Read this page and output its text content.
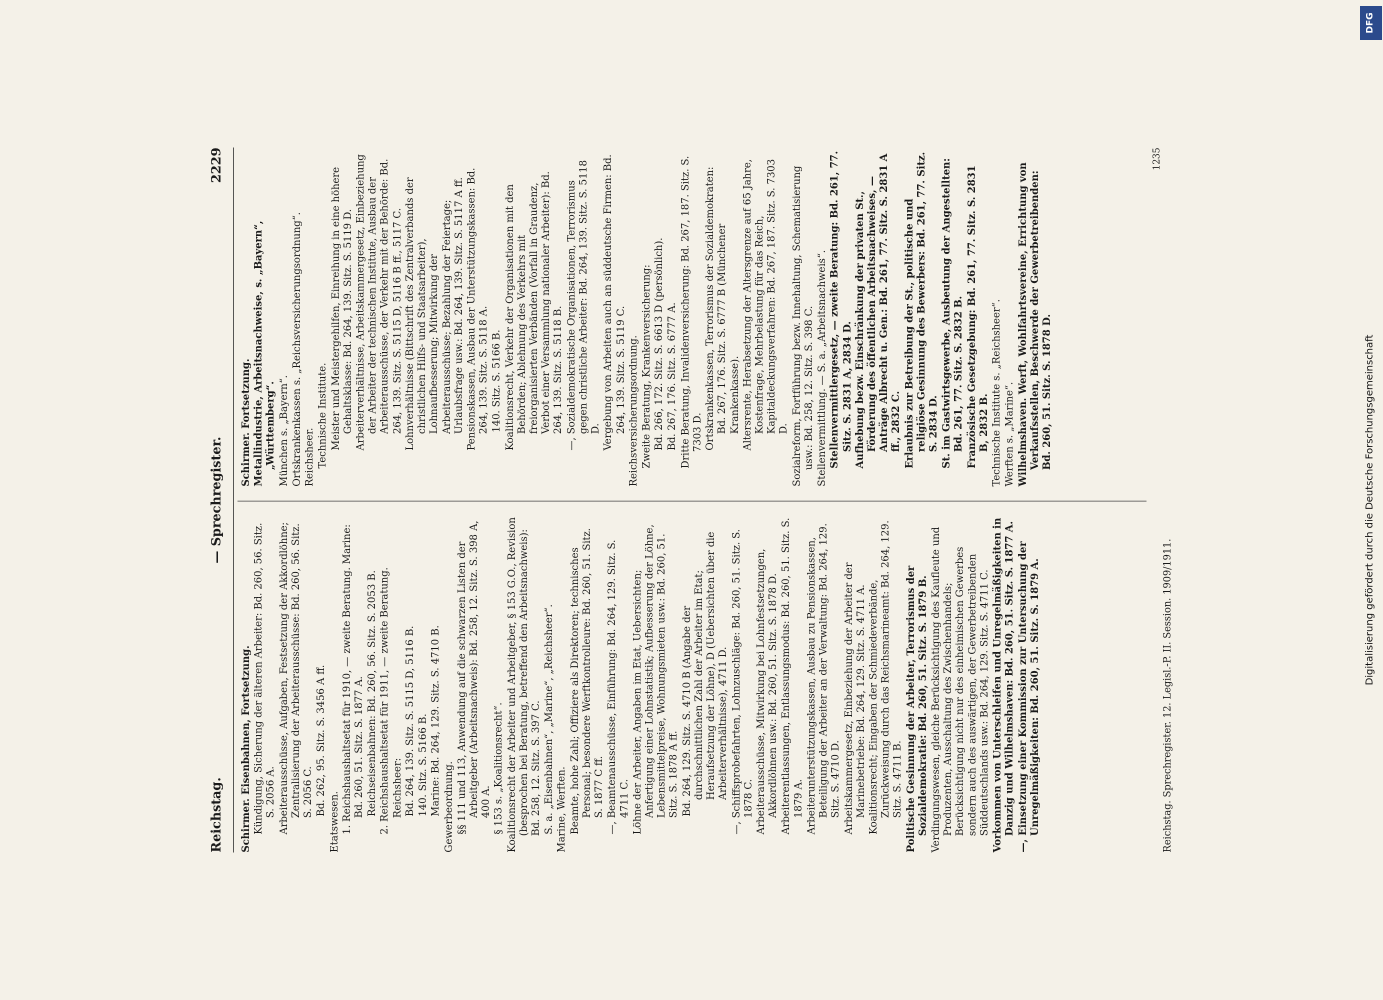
Reichstag.
— Sprechregister.
2229

Schirmer. Eisenbahnen, Fortsetzung. Kündigung, Sicherung der älteren Arbeiter: Bd. 260, 56. Sitz. S. 2056 A. Arbeiterausschüsse, Aufgaben, Festsetzung der Akkordlöhne; Zentralisierung der Arbeiterausschüsse: Bd. 260, 56. Sitz. S. 2056 C. Bd. 262, 95. Sitz. S. 3456 A ff.

Etatswesen. 1. Reichshaushaltsetat für 1910, — zweite Beratung. Marine: Bd. 260, 51. Sitz. S. 1877 A. Reichseisenbahnen: Bd. 260, 56. Sitz. S. 2053 B. 2. Reichshaushaltsetat für 1911, — zweite Beratung. Reichsheer: Bd. 264, 139. Sitz. S. 5115 D, 5116 B. 140. Sitz. S. 5166 B. Marine: Bd. 264, 129. Sitz. S. 4710 B. Gewerbeordnung. §§ 111 und 113, Anwendung auf die schwarzen Listen der Arbeitgeber (Arbeitsnachweis): Bd. 258, 12. Sitz. S. 398 A, 400 A. § 153 s. „Koalitionsrecht“. Koalitionsrecht der Arbeiter und Arbeitgeber, § 153 G.O., Revision (besprochen bei Beratung, betreffend den Arbeitsnachweis): Bd. 258, 12. Sitz. S. 397 C. S. a. „Eisenbahnen“, „Marine“, „Reichsheer“. Marine, Werften. Beamte, hohe Zahl; Offiziere als Direktoren; technisches Personal; besondere Werftkontrolleure: Bd. 260, 51. Sitz. S. 1877 C ff. —, Beamtenausschüsse, Einführung: Bd. 264, 129. Sitz. S. 4711 C. Löhne der Arbeiter, Angaben im Etat, Uebersichten; Anfertigung einer Lohnstatistik; Aufbesserung der Löhne, Lebensmittelpreise, Wohnungsmieten usw.: Bd. 260, 51. Sitz. S. 1878 A ff. Bd. 264, 129. Sitz. S. 4710 B (Angabe der durchschnittlichen Zahl der Arbeiter im Etat; Heraufsetzung der Löhne), D (Uebersichten über die Arbeiterverhältnisse), 4711 D. —, Schiffsprobefahrten, Lohnzuschläge: Bd. 260, 51. Sitz. S. 1878 C. Arbeiterausschüsse, Mitwirkung bei Lohnfestsetzungen, Akkordlöhnen usw.: Bd. 260, 51. Sitz. S. 1878 D. Arbeiterentlassungen, Entlassungsmodus: Bd. 260, 51. Sitz. S. 1879 A. Arbeiterunterstützungskassen, Ausbau zu Pensionskassen, Beteiligung der Arbeiter an der Verwaltung: Bd. 264, 129. Sitz. S. 4710 D. Arbeitskammergesetz, Einbeziehung der Arbeiter der Marinebetriebe: Bd. 264, 129. Sitz. S. 4711 A. Koalitionsrecht; Eingaben der Schmiedeverbände, Zurückweisung durch das Reichsmarineamt: Bd. 264, 129. Sitz. S. 4711 B. Politische Gesinnung der Arbeiter, Terrorismus der Sozialdemokratie: Bd. 260, 51. Sitz. S. 1879 B. Verdingungswesen, gleiche Berücksichtigung des Kaufleute und Produzenten, Ausschaltung des Zwischenhandels; Berücksichtigung nicht nur des einheimischen Gewerbes sondern auch des auswärtigen, der Gewerbetreibenden Süddeutschlands usw.: Bd. 264, 129. Sitz. S. 4711 C. Vorkommen von Unterschleifen und Unregelmäßigkeiten in Danzig und Wilhelmshaven: Bd. 260, 51. Sitz. S. 1877 A. —, Einsetzung einer Kommission zur Untersuchung der Unregelmäßigkeiten: Bd. 260, 51. Sitz. S. 1879 A.

Schirmer. Fortsetzung. Metallindustrie, Arbeitsnachweise, s. „Bayern“, „Württemberg“. München s. „Bayern“. Ortskrankenkassen s. „Reichsversicherungsordnung“. Reichsheer. Technische Institute. Meister und Meistergehilfen, Einreihung in eine höhere Gehaltsklasse: Bd. 264, 139. Sitz. S. 5119 D. Arbeiterverhältnisse, Arbeitskammergesetz, Einbeziehung der Arbeiter der technischen Institute, Ausbau der Arbeiterausschüsse, der Verkehr mit der Behörde: Bd. 264, 139. Sitz. S. 5115 D, 5116 B ff., 5117 C. Lohnverhältnisse (Bittschrift des Zentralverbands der christlichen Hilfs- und Staatsarbeiter), Lohnaufbesserung; Mitwirkung der Arbeiterausschüsse; Bezahlung der Feiertage; Urlaubsfrage usw.: Bd. 264, 139. Sitz. S. 5117 A ff. Pensionskassen, Ausbau der Unterstützungskassen: Bd. 264, 139. Sitz. S. 5118 A. 140. Sitz. S. 5166 B. Koalitionsrecht, Verkehr der Organisationen mit den Behörden; Ablehnung des Verkehrs mit freiorganisierten Verbänden (Vorfall in Graudenz, Verbot einer Versammlung nationaler Arbeiter): Bd. 264, 139. Sitz. S. 5118 B. —, Sozialdemokratische Organisationen, Terrorismus gegen christliche Arbeiter: Bd. 264, 139. Sitz. S. 5118 D. Vergebung von Arbeiten auch an süddeutsche Firmen: Bd. 264, 139. Sitz. S. 5119 C. Reichsversicherungsordnung. Zweite Beratung, Krankenversicherung: Bd. 266, 172. Sitz. S. 6613 D (persönlich). Bd. 267, 176. Sitz. S. 6777 A. Dritte Beratung, Invalidenversicherung: Bd. 267, 187. Sitz. S. 7303 D. Ortskrankenkassen, Terrorismus der Sozialdemokraten: Bd. 267, 176. Sitz. S. 6777 B (Münchener Krankenkasse). Altersrente, Herabsetzung der Altersgrenze auf 65 Jahre, Kostenfrage, Mehrbelastung für das Reich, Kapitaldeckungsverfahren: Bd. 267, 187. Sitz. S. 7303 D. Sozialreform, Fortführung bezw. Innehaltung, Schematisierung usw.: Bd. 258, 12. Sitz. S. 398 C. Stellenvermittlung. — S. a. „Arbeitsnachweis“. Stellenvermittlergesetz, — zweite Beratung: Bd. 261, 77. Sitz. S. 2831 A, 2834 D. Aufhebung bezw. Einschränkung der privaten St., Förderung des öffentlichen Arbeitsnachweises, — Anträge Albrecht u. Gen.: Bd. 261, 77. Sitz. S. 2831 A ff., 2832 C. Erlaubnis zur Betreibung der St., politische und religiöse Gesinnung des Bewerbers: Bd. 261, 77. Sitz. S. 2834 D. St. im Gastwirtsgewerbe, Ausbeutung der Angestellten: Bd. 261, 77. Sitz. S. 2832 B. Französische Gesetzgebung: Bd. 261, 77. Sitz. S. 2831 B, 2832 B. Technische Institute s. „Reichsheer“. Werften s. „Marine“. Wilhelmshaven. Werft, Wohlfahrtsvereine, Errichtung von Verkaufsstellen, Beschwerde der Gewerbetreibenden: Bd. 260, 51. Sitz. S. 1878 D.

Reichstag. Sprechregister. 12. Legisl.-P. II. Session. 1909/1911.
1235
DFG
Digitalisierung gefördert durch die Deutsche Forschungsgemeinschaft
